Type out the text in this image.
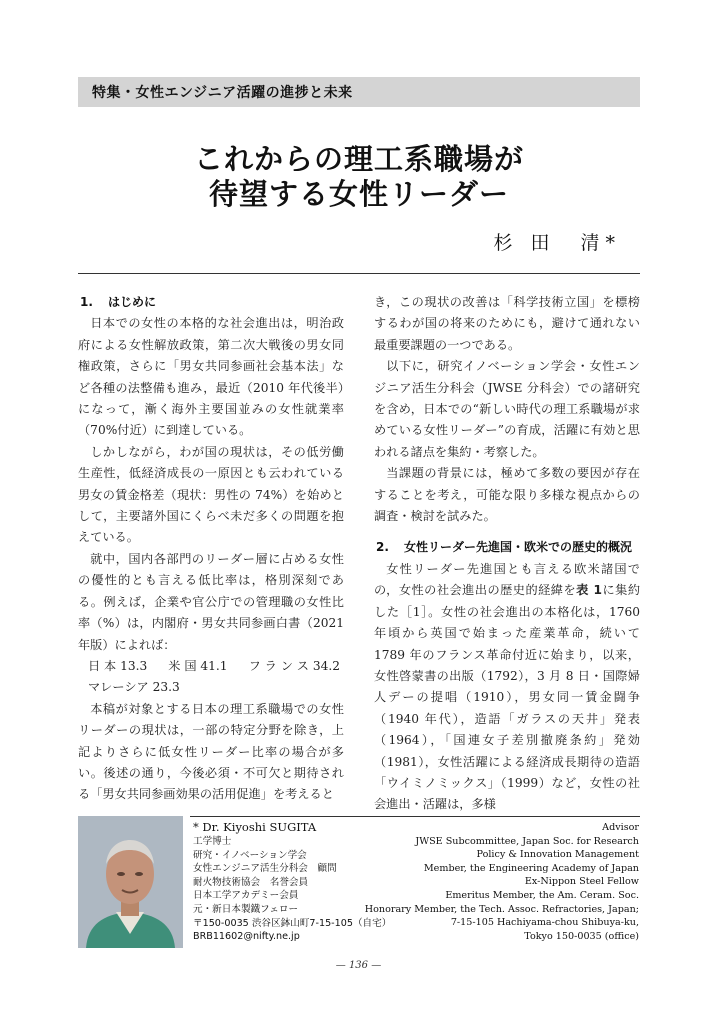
特集・女性エンジニア活躍の進捗と未来
これからの理工系職場が
待望する女性リーダー
杉 田　清*
1. はじめに

日本での女性の本格的な社会進出は，明治政府による女性解放政策，第二次大戦後の男女同権政策，さらに「男女共同参画社会基本法」など各種の法整備も進み，最近（2010 年代後半）になって，漸く海外主要国並みの女性就業率（70%付近）に到達している。

しかしながら，わが国の現状は，その低労働生産性，低経済成長の一原因とも云われている男女の賃金格差（現状：男性の 74%）を始めとして，主要諸外国にくらべ未だ多くの問題を抱えている。

就中，国内各部門のリーダー層に占める女性の優性的とも言える低比率は，格別深刻である。例えば，企業や官公庁での管理職の女性比率（%）は，内閣府・男女共同参画白書（2021 年版）によれば：

日 本 13.3 米 国 41.1 フ ラ ン ス 34.2
マレーシア 23.3

本稿が対象とする日本の理工系職場での女性リーダーの現状は，一部の特定分野を除き，上記よりさらに低女性リーダー比率の場合が多い。後述の通り，今後必須・不可欠と期待される「男女共同参画効果の活用促進」を考えると

き，この現状の改善は「科学技術立国」を標榜するわが国の将来のためにも，避けて通れない最重要課題の一つである。

以下に，研究イノベーション学会・女性エンジニア活生分科会（JWSE 分科会）での諸研究を含め，日本での“新しい時代の理工系職場が求めている女性リーダー”の育成，活躍に有効と思われる諸点を集約・考察した。

当課題の背景には，極めて多数の要因が存在することを考え，可能な限り多様な視点からの調査・検討を試みた。

2. 女性リーダー先進国・欧米での歴史的概況

女性リーダー先進国とも言える欧米諸国での，女性の社会進出の歴史的経緯を表 1に集約した［1］。女性の社会進出の本格化は，1760 年頃から英国で始まった産業革命，続いて 1789 年のフランス革命付近に始まり，以来，女性啓蒙書の出版（1792），3 月 8 日・国際婦人デーの提唱（1910），男女同一賃金闘争（1940 年代），造語「ガラスの天井」発表（1964），「国連女子差別撤廃条約」発効（1981），女性活躍による経済成長期待の造語「ウイミノミックス」（1999）など，女性の社会進出・活躍は，多様

* Dr. Kiyoshi SUGITA
工学博士
研究・イノベーション学会
女性エンジニア活生分科会　顧問
耐火物技術協会　名誉会員
日本工学アカデミー会員
元・新日本製鐵フェロー
〒150-0035 渋谷区鉢山町7-15-105（自宅）
BRB11602@nifty.ne.jp
Advisor
JWSE Subcommittee, Japan Soc. for Research
Policy & Innovation Management
Member, the Engineering Academy of Japan
Ex-Nippon Steel Fellow
Emeritus Member, the Am. Ceram. Soc.
Honorary Member, the Tech. Assoc. Refractories, Japan;
7-15-105 Hachiyama-chou Shibuya-ku,
Tokyo 150-0035 (office)
— 136 —
